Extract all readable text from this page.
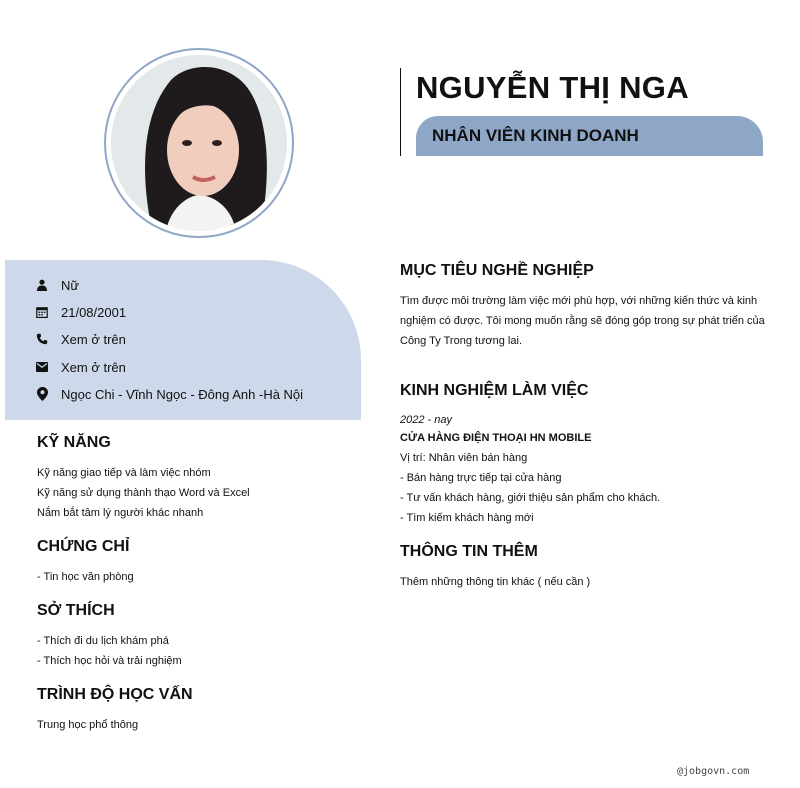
NGUYỄN THỊ NGA
NHÂN VIÊN KINH DOANH
Nữ
21/08/2001
Xem ở trên
Xem ở trên
Ngọc Chi - Vĩnh Ngọc - Đông Anh -Hà Nội
KỸ NĂNG
Kỹ năng giao tiếp và làm việc nhóm
Kỹ năng sử dụng thành thạo Word và Excel
Nắm bắt tâm lý người khác nhanh
CHỨNG CHỈ
- Tin học văn phòng
SỞ THÍCH
- Thích đi du lịch khám phá
- Thích học hỏi và trải nghiệm
TRÌNH ĐỘ HỌC VẤN
Trung học phổ thông
MỤC TIÊU NGHỀ NGHIỆP
Tìm được môi trường làm việc mới phù hợp, với những kiến thức và kinh nghiệm có được. Tôi mong muốn rằng sẽ đóng góp trong sự phát triển của Công Ty Trong tương lai.
KINH NGHIỆM LÀM VIỆC
2022 - nay
CỬA HÀNG ĐIỆN THOẠI HN MOBILE
Vị trí: Nhân viên bán hàng
- Bán hàng trực tiếp tại cửa hàng
- Tư vấn khách hàng, giới thiệu sản phẩm cho khách.
- Tìm kiếm khách hàng mới
THÔNG TIN THÊM
Thêm những thông tin khác ( nếu cần )
@jobgovn.com
